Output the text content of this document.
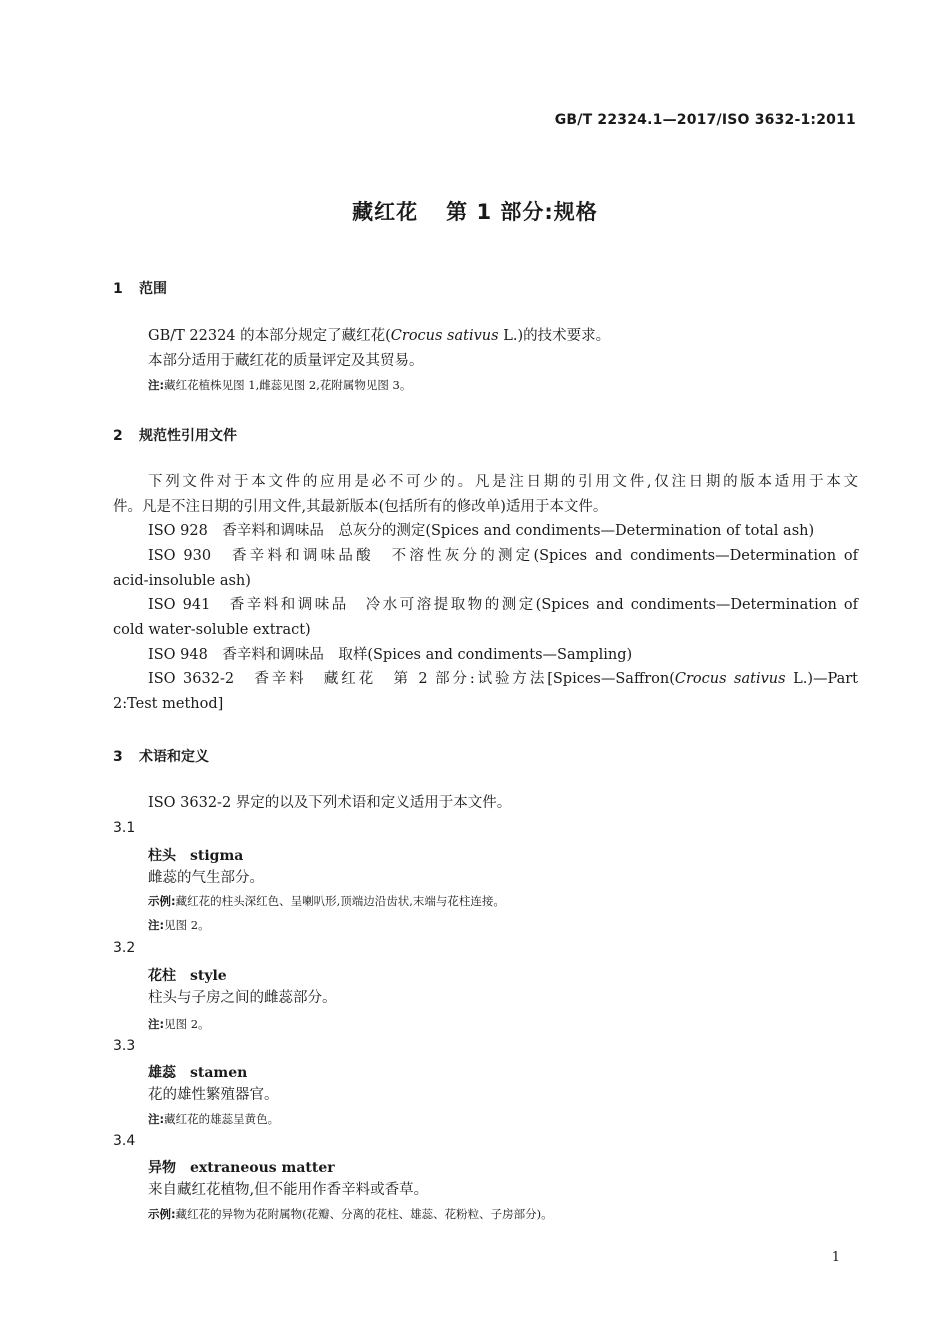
GB/T 22324.1—2017/ISO 3632-1:2011
藏红花 第 1 部分:规格
1 范围
GB/T 22324 的本部分规定了藏红花(Crocus sativus L.)的技术要求。
本部分适用于藏红花的质量评定及其贸易。
注:藏红花植株见图 1,雌蕊见图 2,花附属物见图 3。
2 规范性引用文件
下列文件对于本文件的应用是必不可少的。凡是注日期的引用文件,仅注日期的版本适用于本文
件。凡是不注日期的引用文件,其最新版本(包括所有的修改单)适用于本文件。
ISO 928　香辛料和调味品　总灰分的测定(Spices and condiments—Determination of total ash)
ISO 930　香辛料和调味品酸　不溶性灰分的测定(Spices and condiments—Determination of
acid-insoluble ash)
ISO 941　香辛料和调味品　冷水可溶提取物的测定(Spices and condiments—Determination of
cold water-soluble extract)
ISO 948　香辛料和调味品　取样(Spices and condiments—Sampling)
ISO 3632-2　香辛料　藏红花　第 2 部分:试验方法[Spices—Saffron(Crocus sativus L.)—Part
2:Test method]
3 术语和定义
ISO 3632-2 界定的以及下列术语和定义适用于本文件。
3.1
柱头 stigma
雌蕊的气生部分。
示例:藏红花的柱头深红色、呈喇叭形,顶端边沿齿状,末端与花柱连接。
注:见图 2。
3.2
花柱 style
柱头与子房之间的雌蕊部分。
注:见图 2。
3.3
雄蕊 stamen
花的雄性繁殖器官。
注:藏红花的雄蕊呈黄色。
3.4
异物 extraneous matter
来自藏红花植物,但不能用作香辛料或香草。
示例:藏红花的异物为花附属物(花瓣、分离的花柱、雄蕊、花粉粒、子房部分)。
1
